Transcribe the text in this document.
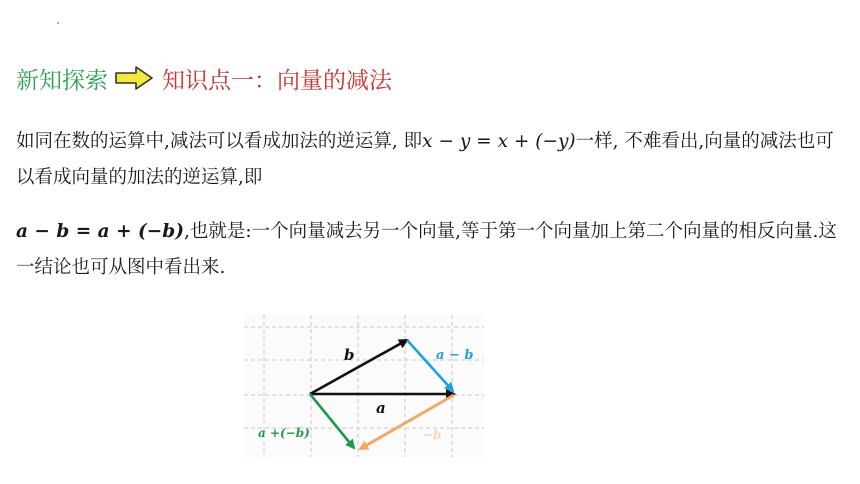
新知探索 知识点一：向量的减法
如同在数的运算中,减法可以看成加法的逆运算, 即x − y = x + (−y)一样, 不难看出,向量的减法也可以看成向量的加法的逆运算,即
a − b = a + (−b),也就是:一个向量减去另一个向量,等于第一个向量加上第二个向量的相反向量.这一结论也可从图中看出来.
b
a
a − b
a +(−b)	−b
